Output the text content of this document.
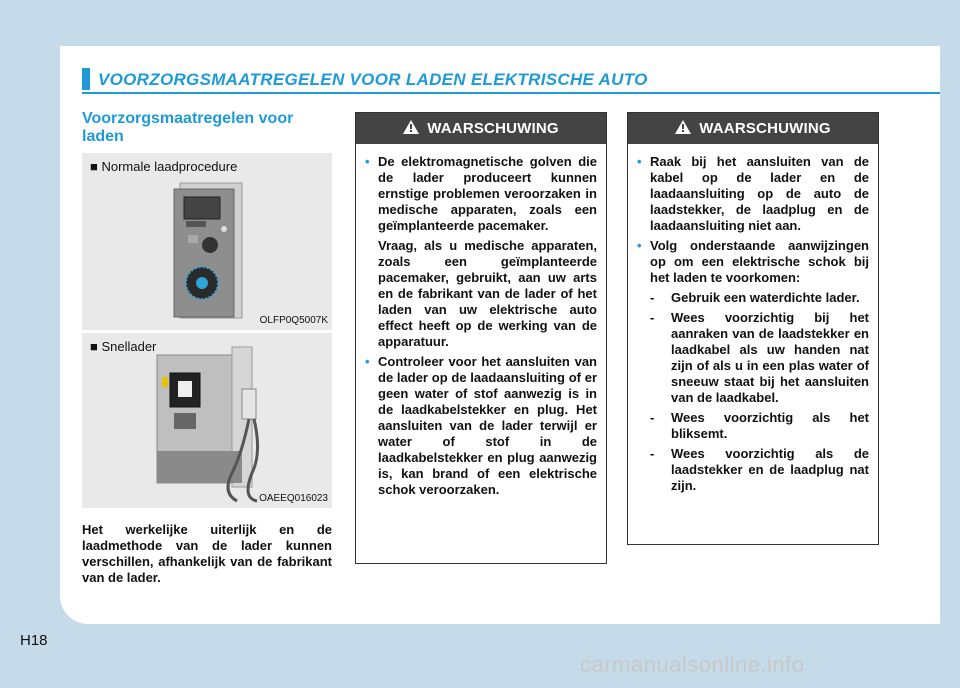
VOORZORGSMAATREGELEN VOOR LADEN ELEKTRISCHE AUTO
Voorzorgsmaatregelen voor laden
■ Normale laadprocedure
OLFP0Q5007K
■ Snellader
OAEEQ016023
Het werkelijke uiterlijk en de laadmethode van de lader kunnen verschillen, afhankelijk van de fabrikant van de lader.
WAARSCHUWING
• De elektromagnetische golven die de lader produceert kunnen ernstige problemen veroorzaken in medische apparaten, zoals een geïmplanteerde pacemaker.
Vraag, als u medische apparaten, zoals een geïmplanteerde pacemaker, gebruikt, aan uw arts en de fabrikant van de lader of het laden van uw elektrische auto effect heeft op de werking van de apparatuur.
• Controleer voor het aansluiten van de lader op de laadaansluiting of er geen water of stof aanwezig is in de laadkabelstekker en plug. Het aansluiten van de lader terwijl er water of stof in de laadkabelstekker en plug aanwezig is, kan brand of een elektrische schok veroorzaken.
WAARSCHUWING
• Raak bij het aansluiten van de kabel op de lader en de laadaansluiting op de auto de laadstekker, de laadplug en de laadaansluiting niet aan.
• Volg onderstaande aanwijzingen op om een elektrische schok bij het laden te voorkomen:
- Gebruik een waterdichte lader.
- Wees voorzichtig bij het aanraken van de laadstekker en laadkabel als uw handen nat zijn of als u in een plas water of sneeuw staat bij het aansluiten van de laadkabel.
- Wees voorzichtig als het bliksemt.
- Wees voorzichtig als de laadstekker en de laadplug nat zijn.
H18
carmanualsonline.info
